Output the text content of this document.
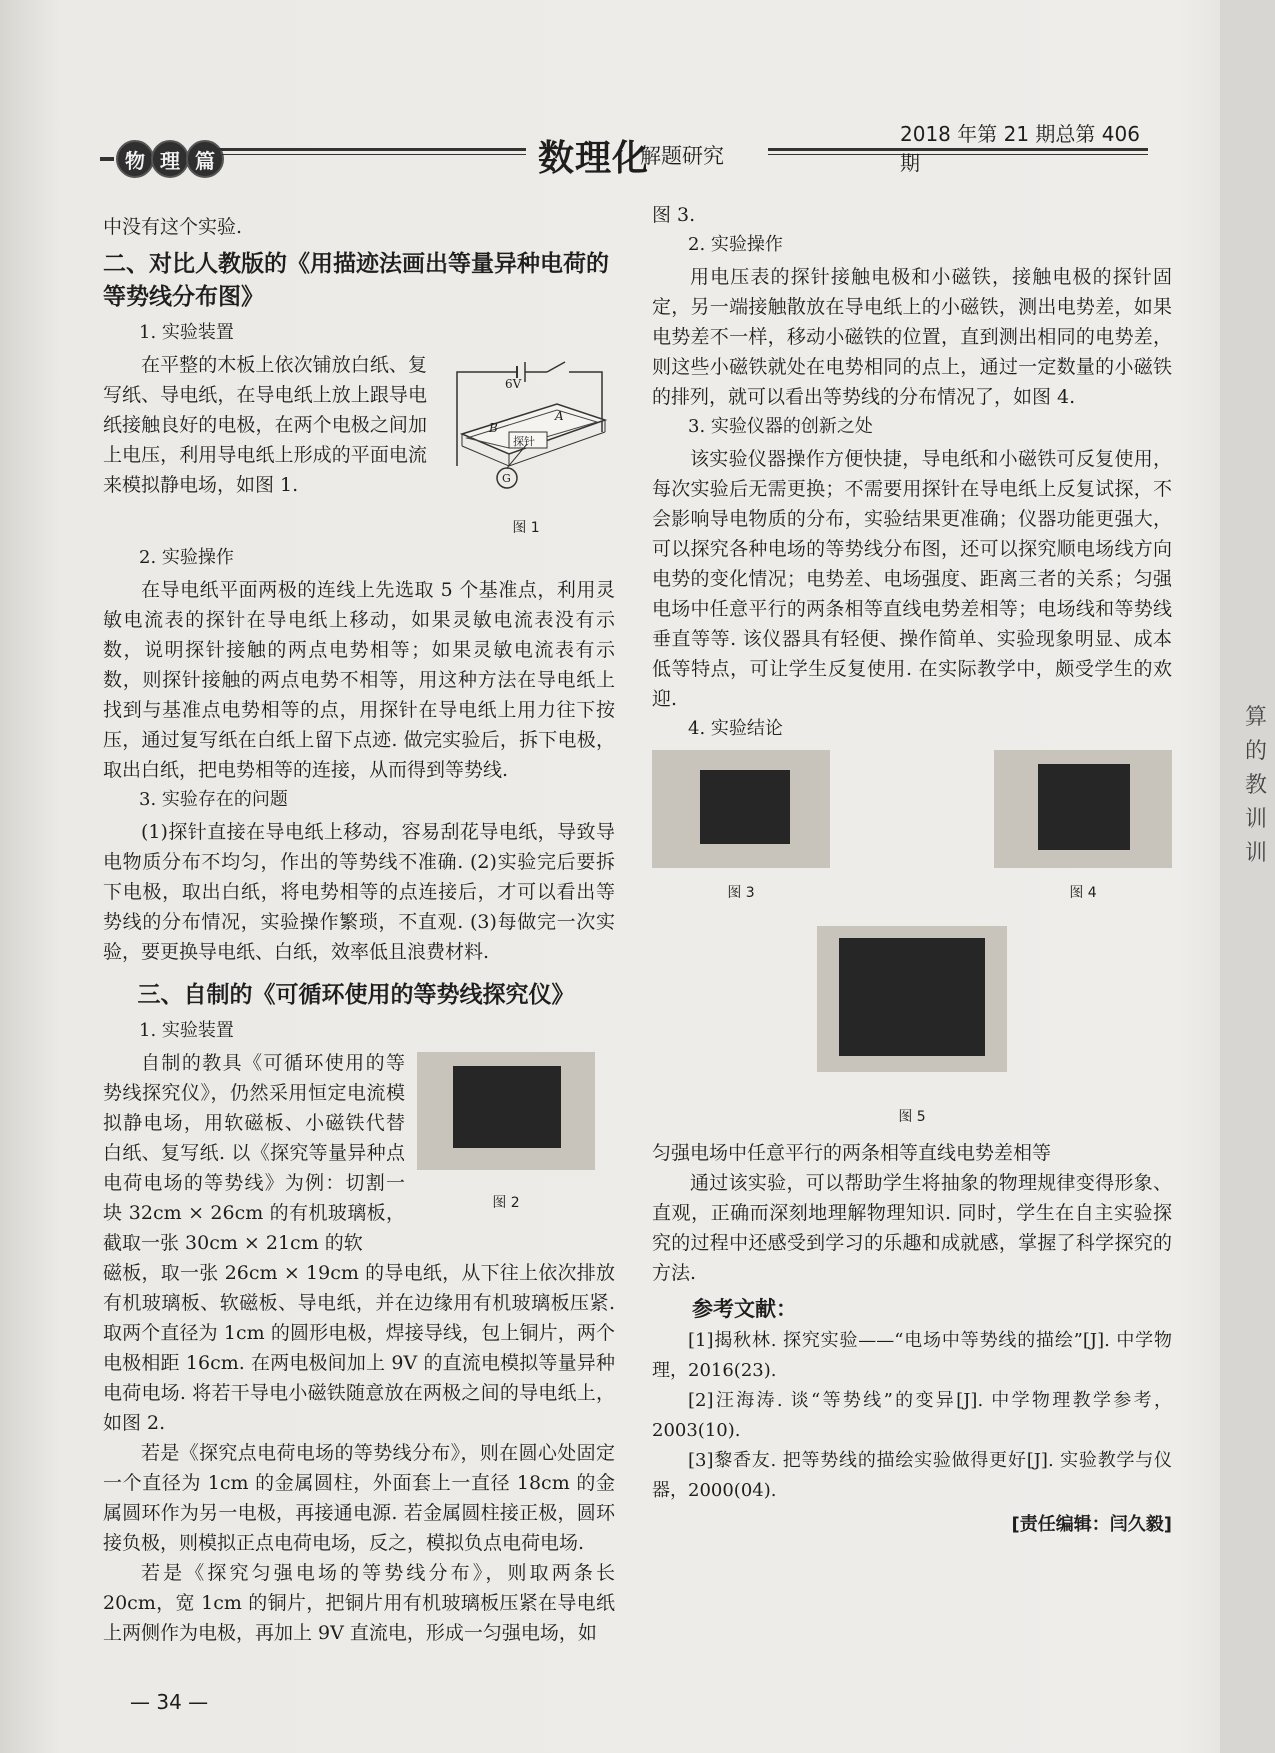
算
的
教
训
训
物 理 篇	数理化
解题研究
2018 年第 21 期总第 406 期

中没有这个实验.

二、对比人教版的《用描迹法画出等量异种电荷的等势线分布图》
1. 实验装置

在平整的木板上依次铺放白纸、复写纸、导电纸，在导电纸上放上跟导电纸接触良好的电极，在两个电极之间加上电压，利用导电纸上形成的平面电流来模拟静电场，如图 1.

6V
B
A
探针
G
图 1
2. 实验操作

在导电纸平面两极的连线上先选取 5 个基准点，利用灵敏电流表的探针在导电纸上移动，如果灵敏电流表没有示数，说明探针接触的两点电势相等；如果灵敏电流表有示数，则探针接触的两点电势不相等，用这种方法在导电纸上找到与基准点电势相等的点，用探针在导电纸上用力往下按压，通过复写纸在白纸上留下点迹. 做完实验后，拆下电极，取出白纸，把电势相等的连接，从而得到等势线.

3. 实验存在的问题

(1)探针直接在导电纸上移动，容易刮花导电纸，导致导电物质分布不均匀，作出的等势线不准确. (2)实验完后要拆下电极，取出白纸，将电势相等的点连接后，才可以看出等势线的分布情况，实验操作繁琐，不直观. (3)每做完一次实验，要更换导电纸、白纸，效率低且浪费材料.

三、自制的《可循环使用的等势线探究仪》
1. 实验装置

自制的教具《可循环使用的等势线探究仪》，仍然采用恒定电流模拟静电场，用软磁板、小磁铁代替白纸、复写纸. 以《探究等量异种点电荷电场的等势线》为例：切割一块 32cm × 26cm 的有机玻璃板，截取一张 30cm × 21cm 的软

图 2

磁板，取一张 26cm × 19cm 的导电纸，从下往上依次排放有机玻璃板、软磁板、导电纸，并在边缘用有机玻璃板压紧. 取两个直径为 1cm 的圆形电极，焊接导线，包上铜片，两个电极相距 16cm. 在两电极间加上 9V 的直流电模拟等量异种电荷电场. 将若干导电小磁铁随意放在两极之间的导电纸上，如图 2.

若是《探究点电荷电场的等势线分布》，则在圆心处固定一个直径为 1cm 的金属圆柱，外面套上一直径 18cm 的金属圆环作为另一电极，再接通电源. 若金属圆柱接正极，圆环接负极，则模拟正点电荷电场，反之，模拟负点电荷电场.

若是《探究匀强电场的等势线分布》，则取两条长 20cm，宽 1cm 的铜片，把铜片用有机玻璃板压紧在导电纸上两侧作为电极，再加上 9V 直流电，形成一匀强电场，如

图 3.

2. 实验操作

用电压表的探针接触电极和小磁铁，接触电极的探针固定，另一端接触散放在导电纸上的小磁铁，测出电势差，如果电势差不一样，移动小磁铁的位置，直到测出相同的电势差，则这些小磁铁就处在电势相同的点上，通过一定数量的小磁铁的排列，就可以看出等势线的分布情况了，如图 4.

3. 实验仪器的创新之处

该实验仪器操作方便快捷，导电纸和小磁铁可反复使用，每次实验后无需更换；不需要用探针在导电纸上反复试探，不会影响导电物质的分布，实验结果更准确；仪器功能更强大，可以探究各种电场的等势线分布图，还可以探究顺电场线方向电势的变化情况；电势差、电场强度、距离三者的关系；匀强电场中任意平行的两条相等直线电势差相等；电场线和等势线垂直等等. 该仪器具有轻便、操作简单、实验现象明显、成本低等特点，可让学生反复使用. 在实际教学中，颇受学生的欢迎.

4. 实验结论
图 3	图 4
图 5

匀强电场中任意平行的两条相等直线电势差相等

通过该实验，可以帮助学生将抽象的物理规律变得形象、直观，正确而深刻地理解物理知识. 同时，学生在自主实验探究的过程中还感受到学习的乐趣和成就感，掌握了科学探究的方法.

参考文献：

[1]揭秋林. 探究实验——“电场中等势线的描绘”[J]. 中学物理，2016(23).

[2]汪海涛. 谈“等势线”的变异[J]. 中学物理教学参考，2003(10).

[3]黎香友. 把等势线的描绘实验做得更好[J]. 实验教学与仪器，2000(04).

[责任编辑：闫久毅]
— 34 —
